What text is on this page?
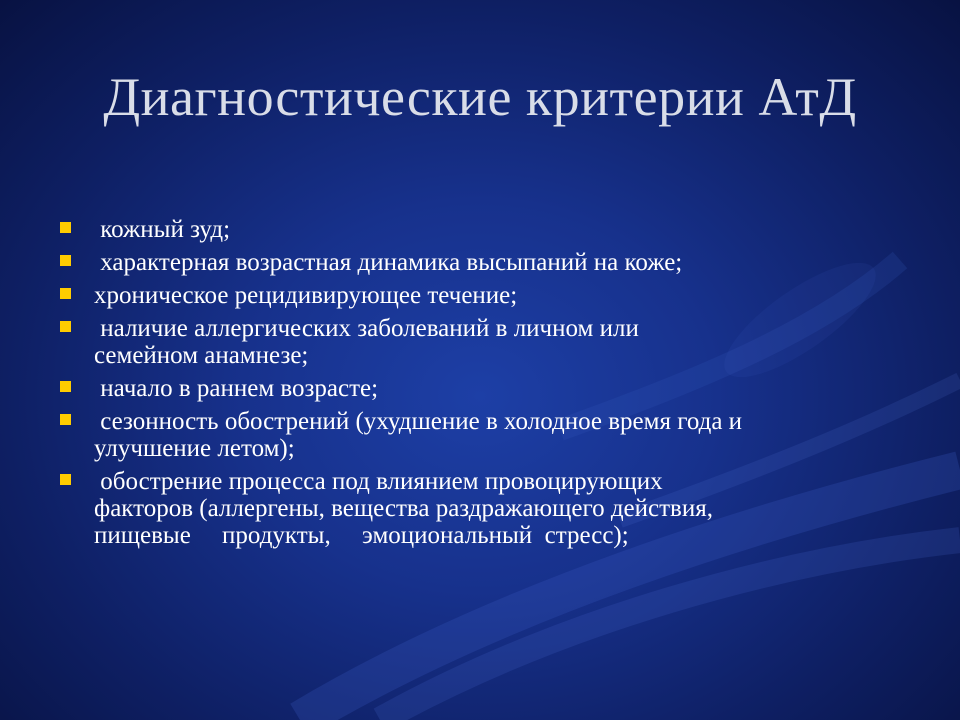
Диагностические критерии АтД
кожный зуд;
характерная возрастная динамика высыпаний на коже;
хроническое рецидивирующее течение;
наличие аллергических заболеваний в личном или
семейном анамнезе;
начало в раннем возрасте;
сезонность обострений (ухудшение в холодное время года и
улучшение летом);
обострение процесса под влиянием провоцирующих
факторов (аллергены, вещества раздражающего действия,
пищевые     продукты,     эмоциональный  стресс);
